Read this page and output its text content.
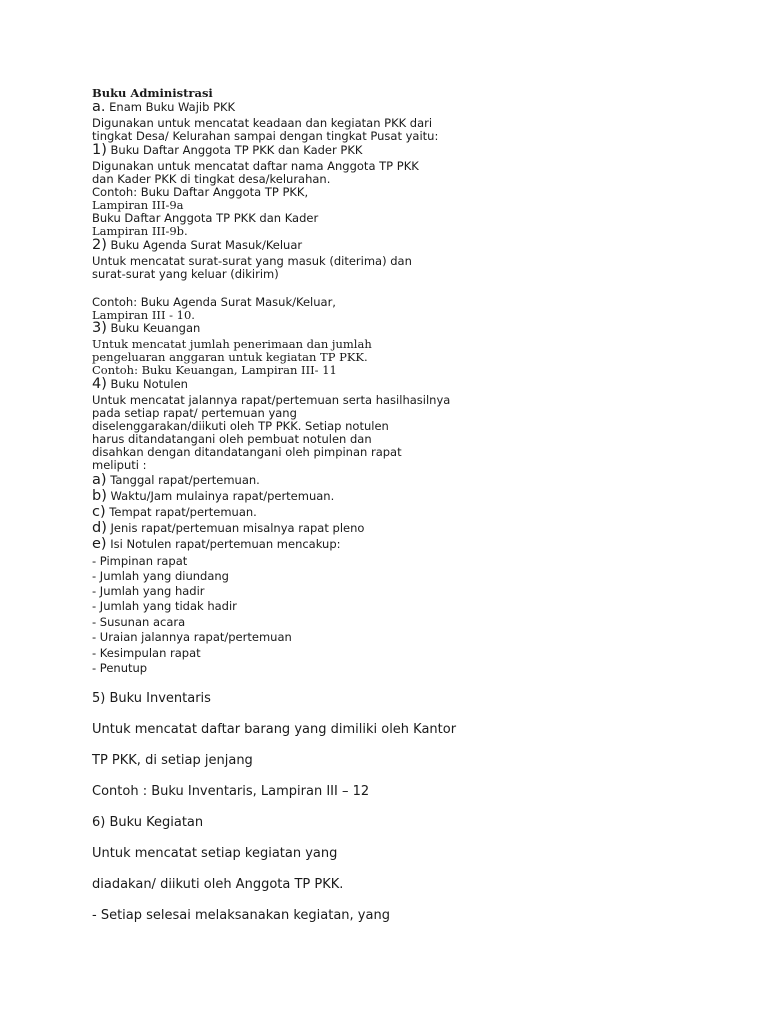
Buku Administrasi
a. Enam Buku Wajib PKK
Digunakan untuk mencatat keadaan dan kegiatan PKK dari
tingkat Desa/ Kelurahan sampai dengan tingkat Pusat yaitu:
1) Buku Daftar Anggota TP PKK dan Kader PKK
Digunakan untuk mencatat daftar nama Anggota TP PKK
dan Kader PKK di tingkat desa/kelurahan.
Contoh: Buku Daftar Anggota TP PKK,
Lampiran III-9a
Buku Daftar Anggota TP PKK dan Kader
Lampiran III-9b.
2) Buku Agenda Surat Masuk/Keluar
Untuk mencatat surat-surat yang masuk (diterima) dan
surat-surat yang keluar (dikirim)
Contoh: Buku Agenda Surat Masuk/Keluar,
Lampiran III - 10.
3) Buku Keuangan
Untuk mencatat jumlah penerimaan dan jumlah
pengeluaran anggaran untuk kegiatan TP PKK.
Contoh: Buku Keuangan, Lampiran III- 11
4) Buku Notulen
Untuk mencatat jalannya rapat/pertemuan serta hasilhasilnya
pada setiap rapat/ pertemuan yang
diselenggarakan/diikuti oleh TP PKK. Setiap notulen
harus ditandatangani oleh pembuat notulen dan
disahkan dengan ditandatangani oleh pimpinan rapat
meliputi :
a) Tanggal rapat/pertemuan.
b) Waktu/Jam mulainya rapat/pertemuan.
c) Tempat rapat/pertemuan.
d) Jenis rapat/pertemuan misalnya rapat pleno
e) Isi Notulen rapat/pertemuan mencakup:
- Pimpinan rapat
- Jumlah yang diundang
- Jumlah yang hadir
- Jumlah yang tidak hadir
- Susunan acara
- Uraian jalannya rapat/pertemuan
- Kesimpulan rapat
- Penutup
5) Buku Inventaris
Untuk mencatat daftar barang yang dimiliki oleh Kantor
TP PKK, di setiap jenjang
Contoh : Buku Inventaris, Lampiran III – 12
6) Buku Kegiatan
Untuk mencatat setiap kegiatan yang
diadakan/ diikuti oleh Anggota TP PKK.
- Setiap selesai melaksanakan kegiatan, yang
